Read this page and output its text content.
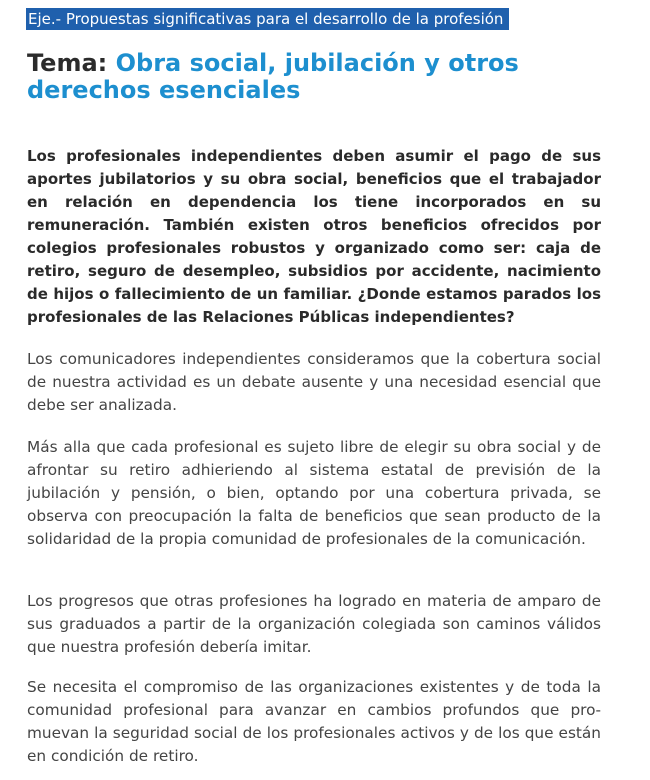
Eje.- Propuestas significativas para el desarrollo de la profesión
Tema: Obra social, jubilación y otros derechos esenciales

Los profesionales independientes deben asumir el pago de sus aportes jubilatorios y su obra social, beneficios que el trabajador en relación en dependencia los tiene incorporados en su remuneración. También existen otros beneficios ofrecidos por colegios profesionales robustos y organizado como ser: caja de retiro, seguro de desempleo, subsidios por accidente, nacimiento de hijos o fallecimiento de un familiar. ¿Donde estamos parados los profesionales de las Relaciones Públicas independientes?

Los comunicadores independientes consideramos que la cobertura social de nuestra actividad es un debate ausente y una necesidad esencial que debe ser analizada.

Más alla que cada profesional es sujeto libre de elegir su obra social y de afrontar su retiro adhieriendo al sistema estatal de previsión de la jubilación y pensión, o bien, optando por una cobertura privada, se observa con preocupación la falta de beneficios que sean producto de la solidaridad de la propia comunidad de profesionales de la comunicación.

Los progresos que otras profesiones ha logrado en materia de amparo de sus graduados a partir de la organización colegiada son caminos válidos que nuestra profesión debería imitar.

Se necesita el compromiso de las organizaciones existentes y de toda la comunidad profesional para avanzar en cambios profundos que promuevan la seguridad social de los profesionales activos y de los que están en condición de retiro.
